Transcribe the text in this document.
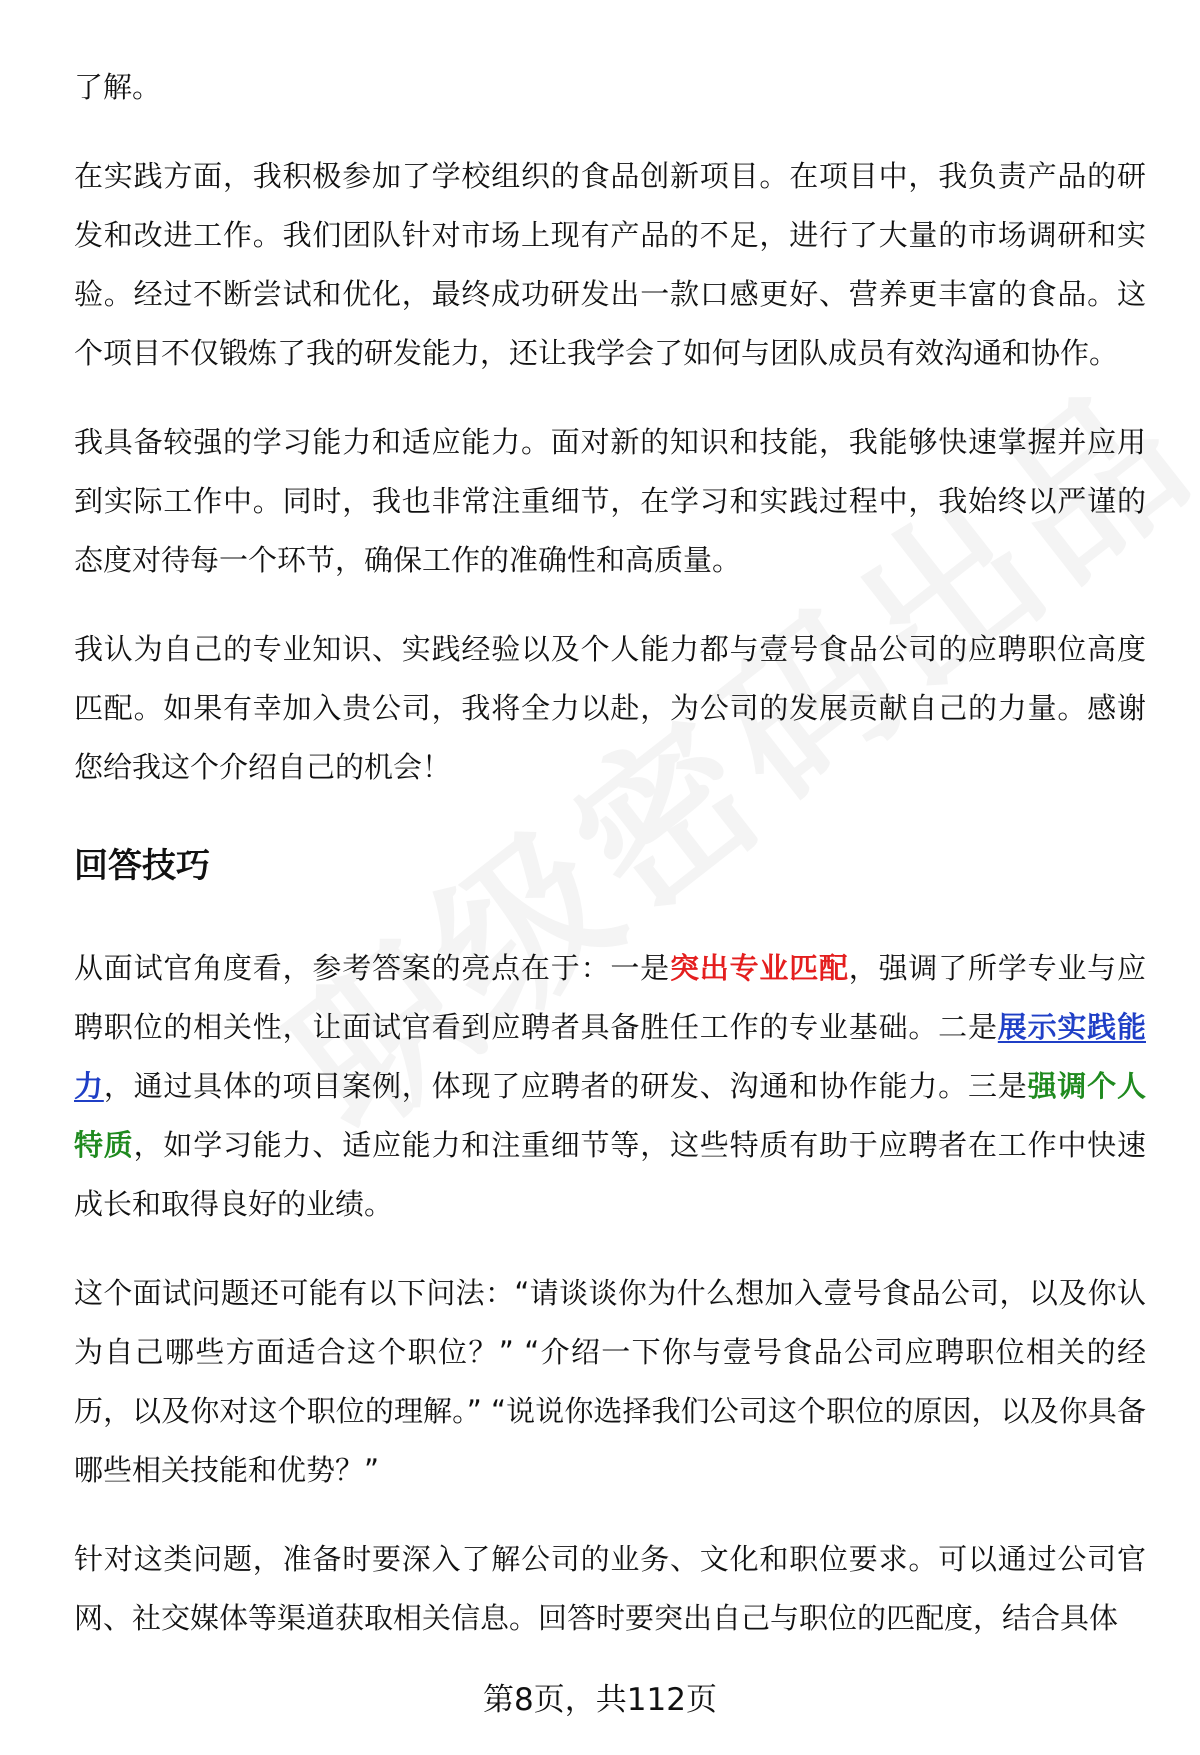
了解。

在实践方面，我积极参加了学校组织的食品创新项目。在项目中，我负责产品的研发和改进工作。我们团队针对市场上现有产品的不足，进行了大量的市场调研和实验。经过不断尝试和优化，最终成功研发出一款口感更好、营养更丰富的食品。这个项目不仅锻炼了我的研发能力，还让我学会了如何与团队成员有效沟通和协作。

我具备较强的学习能力和适应能力。面对新的知识和技能，我能够快速掌握并应用到实际工作中。同时，我也非常注重细节，在学习和实践过程中，我始终以严谨的态度对待每一个环节，确保工作的准确性和高质量。

我认为自己的专业知识、实践经验以及个人能力都与壹号食品公司的应聘职位高度匹配。如果有幸加入贵公司，我将全力以赴，为公司的发展贡献自己的力量。感谢您给我这个介绍自己的机会！

回答技巧

从面试官角度看，参考答案的亮点在于：一是突出专业匹配，强调了所学专业与应聘职位的相关性，让面试官看到应聘者具备胜任工作的专业基础。二是展示实践能力，通过具体的项目案例，体现了应聘者的研发、沟通和协作能力。三是强调个人特质，如学习能力、适应能力和注重细节等，这些特质有助于应聘者在工作中快速成长和取得良好的业绩。

这个面试问题还可能有以下问法：“请谈谈你为什么想加入壹号食品公司，以及你认为自己哪些方面适合这个职位？” “介绍一下你与壹号食品公司应聘职位相关的经历，以及你对这个职位的理解。” “说说你选择我们公司这个职位的原因，以及你具备哪些相关技能和优势？”

针对这类问题，准备时要深入了解公司的业务、文化和职位要求。可以通过公司官网、社交媒体等渠道获取相关信息。回答时要突出自己与职位的匹配度，结合具体

第8页，共112页
